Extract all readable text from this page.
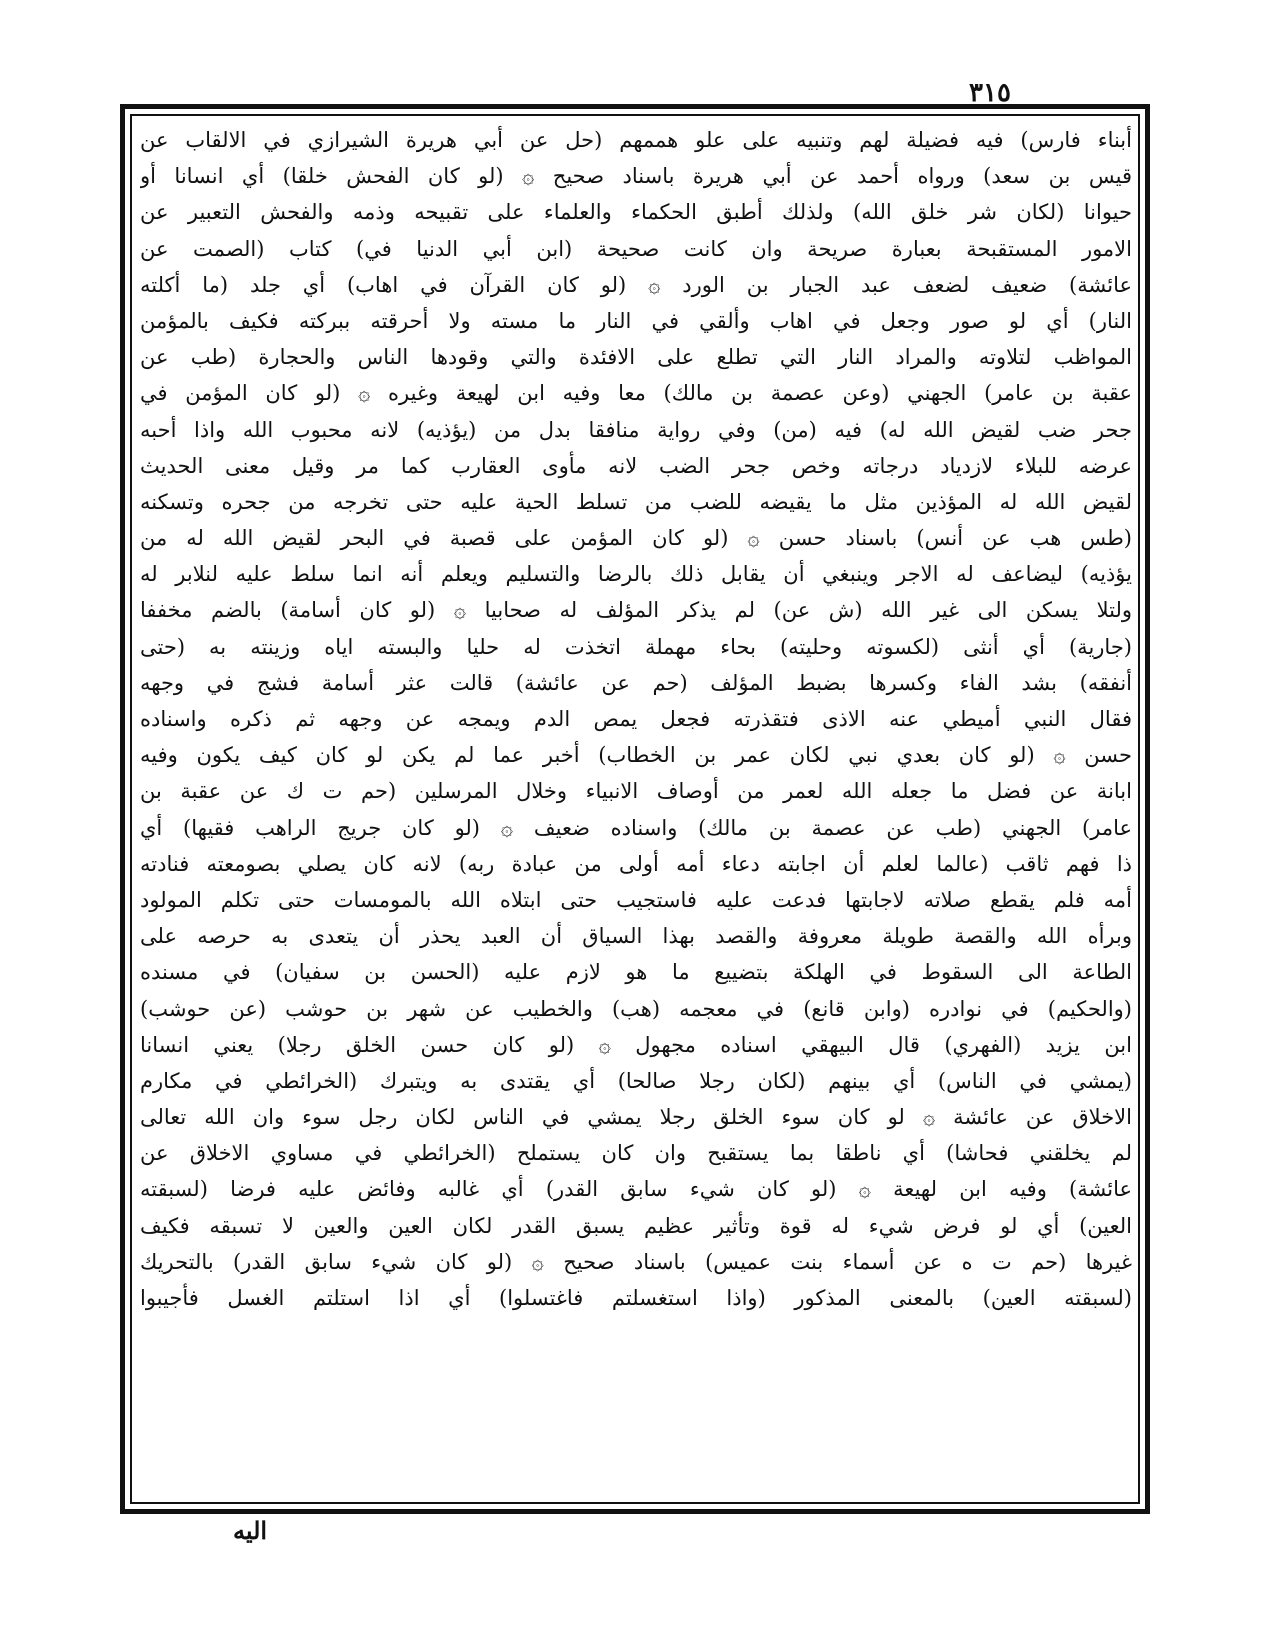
٣١٥
أبناء فارس) فيه فضيلة لهم وتنبيه على علو هممهم (حل عن أبي هريرة الشيرازي في الالقاب عن
قيس بن سعد) ورواه أحمد عن أبي هريرة باسناد صحيح ۞ (لو كان الفحش خلقا) أي انسانا أو
حيوانا (لكان شر خلق الله) ولذلك أطبق الحكماء والعلماء على تقبيحه وذمه والفحش التعبير عن
الامور المستقبحة بعبارة صريحة وان كانت صحيحة (ابن أبي الدنيا في) كتاب (الصمت عن
عائشة) ضعيف لضعف عبد الجبار بن الورد ۞ (لو كان القرآن في اهاب) أي جلد (ما أكلته
النار) أي لو صور وجعل في اهاب وألقي في النار ما مسته ولا أحرقته ببركته فكيف بالمؤمن
المواظب لتلاوته والمراد النار التي تطلع على الافئدة والتي وقودها الناس والحجارة (طب عن
عقبة بن عامر) الجهني (وعن عصمة بن مالك) معا وفيه ابن لهيعة وغيره ۞ (لو كان المؤمن في
جحر ضب لقيض الله له) فيه (من) وفي رواية منافقا بدل من (يؤذيه) لانه محبوب الله واذا أحبه
عرضه للبلاء لازدياد درجاته وخص جحر الضب لانه مأوى العقارب كما مر وقيل معنى الحديث
لقيض الله له المؤذين مثل ما يقيضه للضب من تسلط الحية عليه حتى تخرجه من جحره وتسكنه
(طس هب عن أنس) باسناد حسن ۞ (لو كان المؤمن على قصبة في البحر لقيض الله له من
يؤذيه) ليضاعف له الاجر وينبغي أن يقابل ذلك بالرضا والتسليم ويعلم أنه انما سلط عليه لنلابر له
ولتلا يسكن الى غير الله (ش عن) لم يذكر المؤلف له صحابيا ۞ (لو كان أسامة) بالضم مخففا
(جارية) أي أنثى (لكسوته وحليته) بحاء مهملة اتخذت له حليا والبسته اياه وزينته به (حتى
أنفقه) بشد الفاء وكسرها بضبط المؤلف (حم عن عائشة) قالت عثر أسامة فشج في وجهه
فقال النبي أميطي عنه الاذى فتقذرته فجعل يمص الدم ويمجه عن وجهه ثم ذكره واسناده
حسن ۞ (لو كان بعدي نبي لكان عمر بن الخطاب) أخبر عما لم يكن لو كان كيف يكون وفيه
ابانة عن فضل ما جعله الله لعمر من أوصاف الانبياء وخلال المرسلين (حم ت ك عن عقبة بن
عامر) الجهني (طب عن عصمة بن مالك) واسناده ضعيف ۞ (لو كان جريج الراهب فقيها) أي
ذا فهم ثاقب (عالما لعلم أن اجابته دعاء أمه أولى من عبادة ربه) لانه كان يصلي بصومعته فنادته
أمه فلم يقطع صلاته لاجابتها فدعت عليه فاستجيب حتى ابتلاه الله بالمومسات حتى تكلم المولود
وبرأه الله والقصة طويلة معروفة والقصد بهذا السياق أن العبد يحذر أن يتعدى به حرصه على
الطاعة الى السقوط في الهلكة بتضييع ما هو لازم عليه (الحسن بن سفيان) في مسنده
(والحكيم) في نوادره (وابن قانع) في معجمه (هب) والخطيب عن شهر بن حوشب (عن حوشب)
ابن يزيد (الفهري) قال البيهقي اسناده مجهول ۞ (لو كان حسن الخلق رجلا) يعني انسانا
(يمشي في الناس) أي بينهم (لكان رجلا صالحا) أي يقتدى به ويتبرك (الخرائطي في مكارم
الاخلاق عن عائشة ۞ لو كان سوء الخلق رجلا يمشي في الناس لكان رجل سوء وان الله تعالى
لم يخلقني فحاشا) أي ناطقا بما يستقبح وان كان يستملح (الخرائطي في مساوي الاخلاق عن
عائشة) وفيه ابن لهيعة ۞ (لو كان شيء سابق القدر) أي غالبه وفائض عليه فرضا (لسبقته
العين) أي لو فرض شيء له قوة وتأثير عظيم يسبق القدر لكان العين والعين لا تسبقه فكيف
غيرها (حم ت ه عن أسماء بنت عميس) باسناد صحيح ۞ (لو كان شيء سابق القدر) بالتحريك
(لسبقته العين) بالمعنى المذكور (واذا استغسلتم فاغتسلوا) أي اذا استلتم الغسل فأجيبوا
اليه
